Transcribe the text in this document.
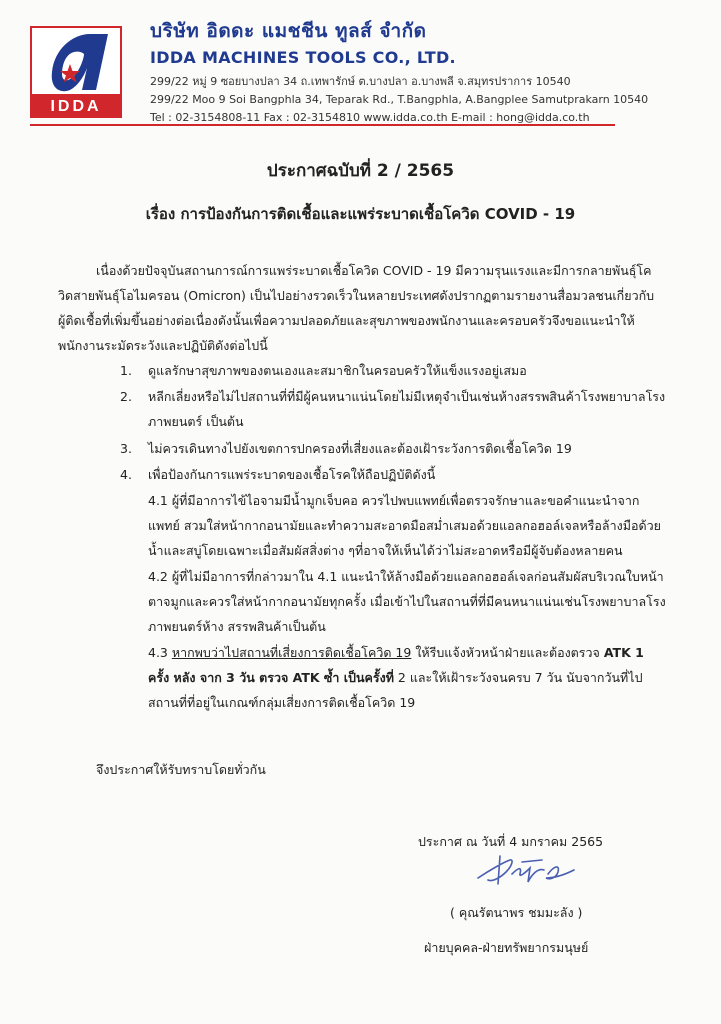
IDDA
บริษัท อิดดะ แมชชีน ทูลส์ จำกัด
IDDA MACHINES TOOLS CO., LTD.
299/22 หมู่ 9 ซอยบางปลา 34 ถ.เทพารักษ์ ต.บางปลา อ.บางพลี จ.สมุทรปราการ 10540
299/22 Moo 9 Soi Bangphla 34, Teparak Rd., T.Bangphla, A.Bangplee Samutprakarn 10540
Tel : 02-3154808-11 Fax : 02-3154810 www.idda.co.th E-mail : hong@idda.co.th
ประกาศฉบับที่ 2 / 2565
เรื่อง การป้องกันการติดเชื้อและแพร่ระบาดเชื้อโควิด COVID - 19
เนื่องด้วยปัจจุบันสถานการณ์การแพร่ระบาดเชื้อโควิด COVID - 19 มีความรุนแรงและมีการกลายพันธุ์โควิดสายพันธุ์โอไมครอน (Omicron) เป็นไปอย่างรวดเร็วในหลายประเทศดังปรากฏตามรายงานสื่อมวลชนเกี่ยวกับผู้ติดเชื้อที่เพิ่มขึ้นอย่างต่อเนื่องดังนั้นเพื่อความปลอดภัยและสุขภาพของพนักงานและครอบครัวจึงขอแนะนำให้พนักงานระมัดระวังและปฏิบัติดังต่อไปนี้
1. ดูแลรักษาสุขภาพของตนเองและสมาชิกในครอบครัวให้แข็งแรงอยู่เสมอ
2. หลีกเลี่ยงหรือไม่ไปสถานที่ที่มีผู้คนหนาแน่นโดยไม่มีเหตุจำเป็นเช่นห้างสรรพสินค้าโรงพยาบาลโรงภาพยนตร์ เป็นต้น
3. ไม่ควรเดินทางไปยังเขตการปกครองที่เสี่ยงและต้องเฝ้าระวังการติดเชื้อโควิด 19
4. เพื่อป้องกันการแพร่ระบาดของเชื้อโรคให้ถือปฏิบัติดังนี้
4.1 ผู้ที่มีอาการไข้ไอจามมีน้ำมูกเจ็บคอ ควรไปพบแพทย์เพื่อตรวจรักษาและขอคำแนะนำจากแพทย์ สวมใส่หน้ากากอนามัยและทำความสะอาดมือสม่ำเสมอด้วยแอลกอฮอล์เจลหรือล้างมือด้วยน้ำและสบู่โดยเฉพาะเมื่อสัมผัสสิ่งต่าง ๆที่อาจให้เห็นได้ว่าไม่สะอาดหรือมีผู้จับต้องหลายคน
4.2 ผู้ที่ไม่มีอาการที่กล่าวมาใน 4.1 แนะนำให้ล้างมือด้วยแอลกอฮอล์เจลก่อนสัมผัสบริเวณใบหน้าตาจมูกและควรใส่หน้ากากอนามัยทุกครั้ง เมื่อเข้าไปในสถานที่ที่มีคนหนาแน่นเช่นโรงพยาบาลโรงภาพยนตร์ห้าง สรรพสินค้าเป็นต้น
4.3 หากพบว่าไปสถานที่เสี่ยงการติดเชื้อโควิด 19 ให้รีบแจ้งหัวหน้าฝ่ายและต้องตรวจ ATK 1 ครั้ง หลัง จาก 3 วัน ตรวจ ATK ซ้ำ เป็นครั้งที่ 2 และให้เฝ้าระวังจนครบ 7 วัน นับจากวันที่ไปสถานที่ที่อยู่ในเกณฑ์กลุ่มเสี่ยงการติดเชื้อโควิด 19
จึงประกาศให้รับทราบโดยทั่วกัน
ประกาศ ณ วันที่ 4 มกราคม 2565
( คุณรัตนาพร ชมมะลัง )
ฝ่ายบุคคล-ฝ่ายทรัพยากรมนุษย์
